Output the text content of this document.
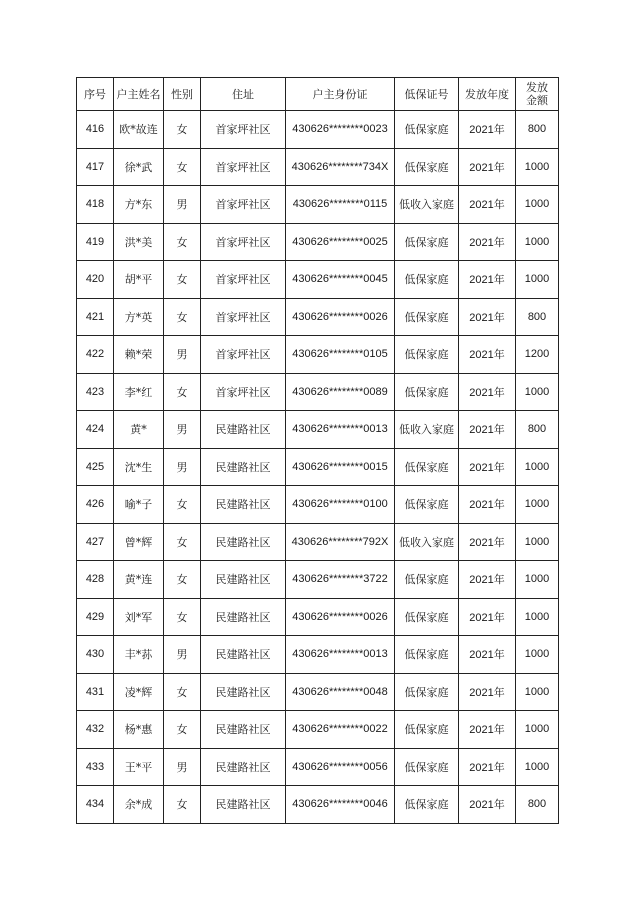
序号	户主姓名	性别	住址	户主身份证	低保证号	发放年度	发放
金额
416	欧*故连	女	首家坪社区	430626********0023	低保家庭	2021年	800
417	徐*武	女	首家坪社区	430626********734X	低保家庭	2021年	1000
418	方*东	男	首家坪社区	430626********0115	低收入家庭	2021年	1000
419	洪*美	女	首家坪社区	430626********0025	低保家庭	2021年	1000
420	胡*平	女	首家坪社区	430626********0045	低保家庭	2021年	1000
421	方*英	女	首家坪社区	430626********0026	低保家庭	2021年	800
422	赖*荣	男	首家坪社区	430626********0105	低保家庭	2021年	1200
423	李*红	女	首家坪社区	430626********0089	低保家庭	2021年	1000
424	黄*	男	民建路社区	430626********0013	低收入家庭	2021年	800
425	沈*生	男	民建路社区	430626********0015	低保家庭	2021年	1000
426	喻*子	女	民建路社区	430626********0100	低保家庭	2021年	1000
427	曾*辉	女	民建路社区	430626********792X	低收入家庭	2021年	1000
428	黄*连	女	民建路社区	430626********3722	低保家庭	2021年	1000
429	刘*军	女	民建路社区	430626********0026	低保家庭	2021年	1000
430	丰*荪	男	民建路社区	430626********0013	低保家庭	2021年	1000
431	凌*辉	女	民建路社区	430626********0048	低保家庭	2021年	1000
432	杨*惠	女	民建路社区	430626********0022	低保家庭	2021年	1000
433	王*平	男	民建路社区	430626********0056	低保家庭	2021年	1000
434	余*成	女	民建路社区	430626********0046	低保家庭	2021年	800
